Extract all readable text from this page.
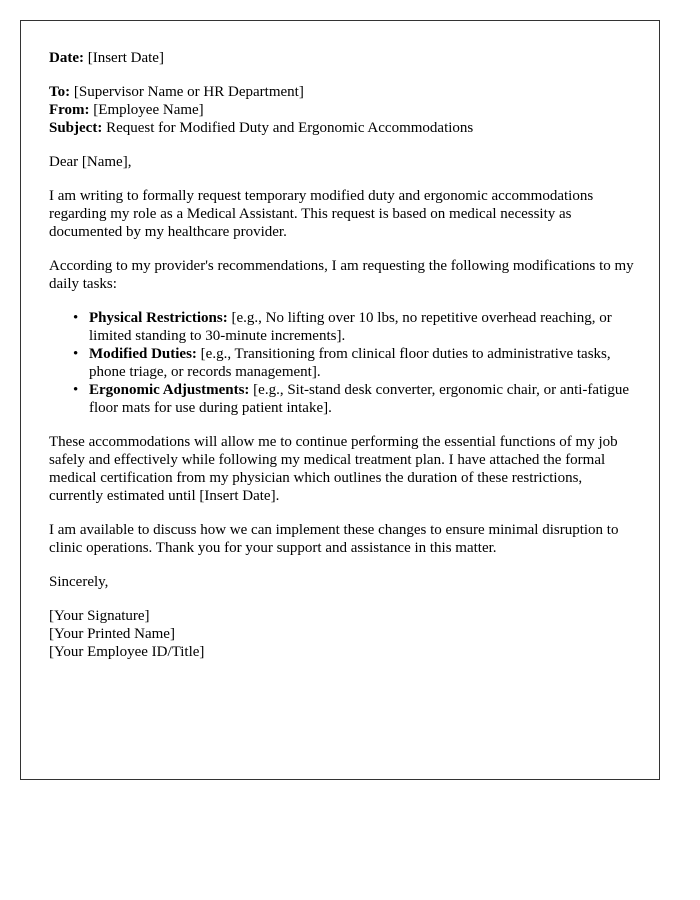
Date: [Insert Date]
To: [Supervisor Name or HR Department]
From: [Employee Name]
Subject: Request for Modified Duty and Ergonomic Accommodations

Dear [Name],

I am writing to formally request temporary modified duty and ergonomic accommodations regarding my role as a Medical Assistant. This request is based on medical necessity as documented by my healthcare provider.

According to my provider's recommendations, I am requesting the following modifications to my daily tasks:

• Physical Restrictions: [e.g., No lifting over 10 lbs, no repetitive overhead reaching, or limited standing to 30-minute increments].
• Modified Duties: [e.g., Transitioning from clinical floor duties to administrative tasks, phone triage, or records management].
• Ergonomic Adjustments: [e.g., Sit-stand desk converter, ergonomic chair, or anti-fatigue floor mats for use during patient intake].

These accommodations will allow me to continue performing the essential functions of my job safely and effectively while following my medical treatment plan. I have attached the formal medical certification from my physician which outlines the duration of these restrictions, currently estimated until [Insert Date].

I am available to discuss how we can implement these changes to ensure minimal disruption to clinic operations. Thank you for your support and assistance in this matter.

Sincerely,

[Your Signature]
[Your Printed Name]
[Your Employee ID/Title]
